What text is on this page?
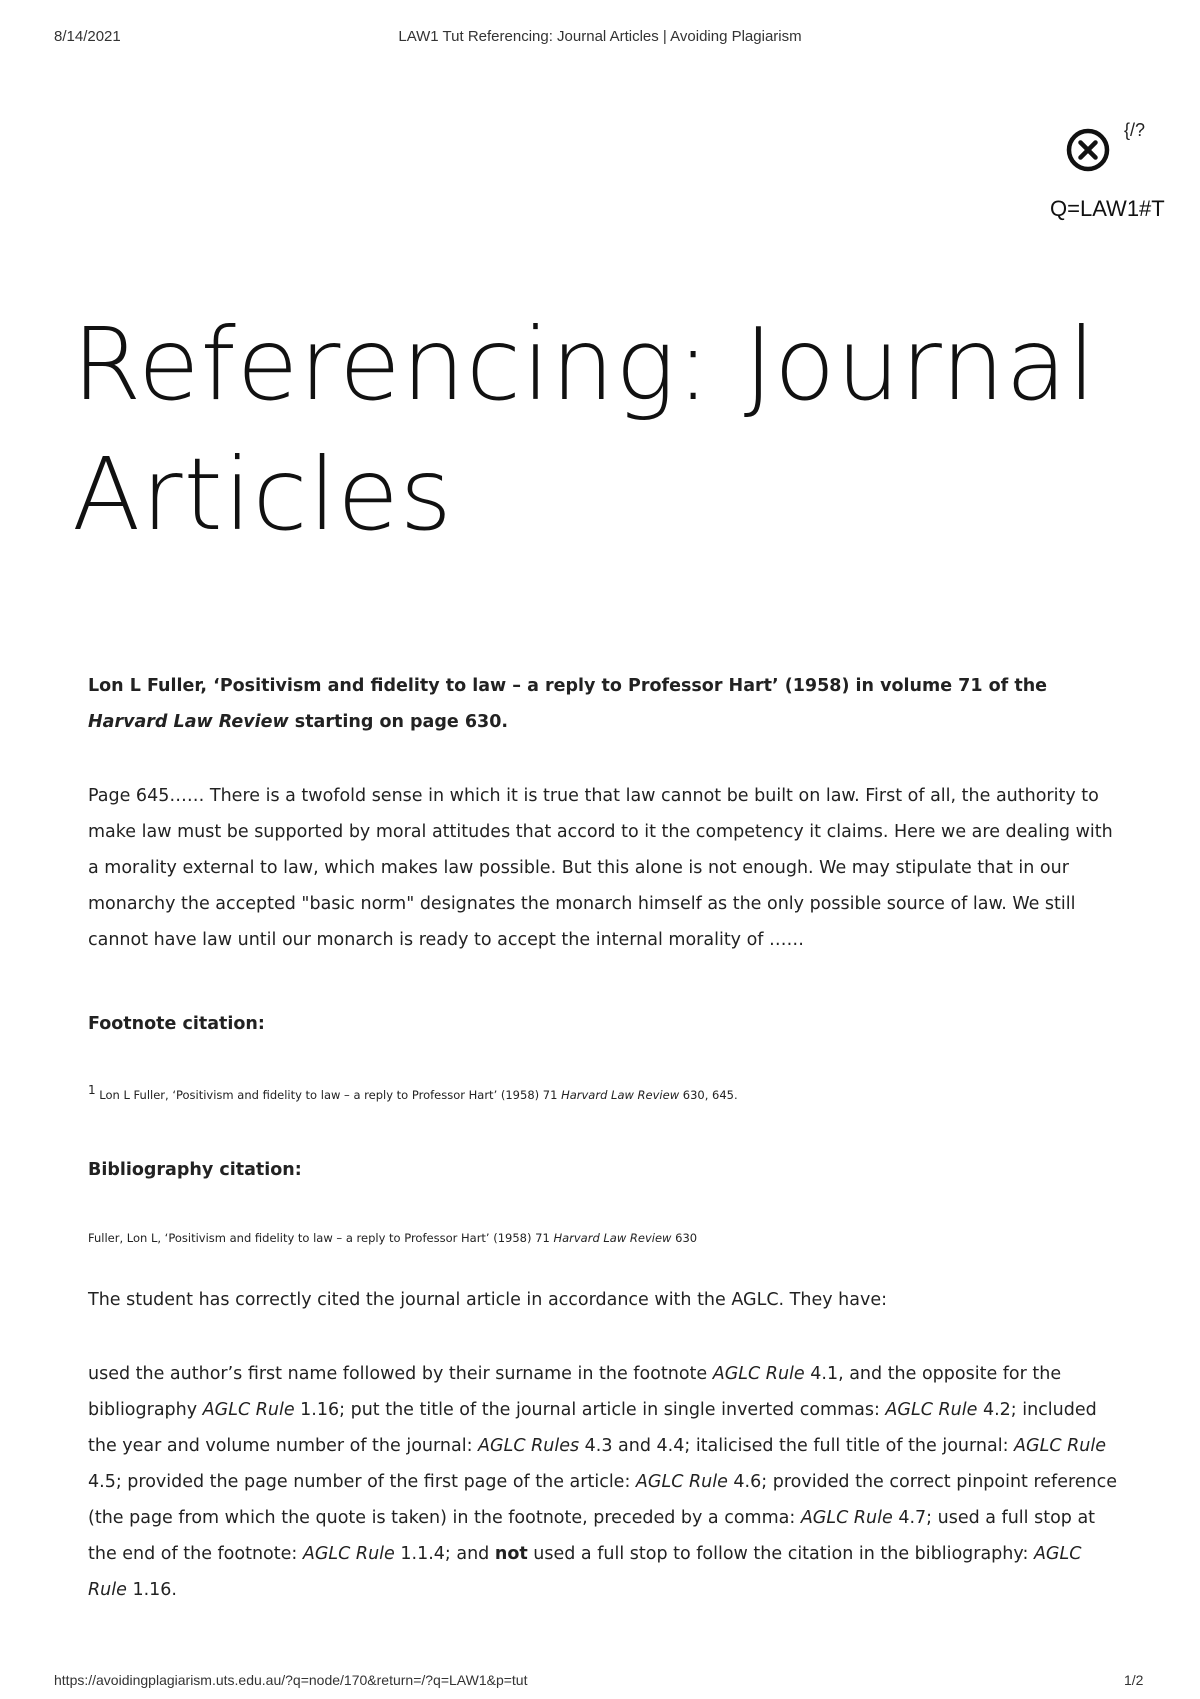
8/14/2021	LAW1 Tut Referencing: Journal Articles | Avoiding Plagiarism
{/?
Q=LAW1#T
Referencing: Journal Articles
Lon L Fuller, ‘Positivism and fidelity to law – a reply to Professor Hart’ (1958) in volume 71 of the Harvard Law Review starting on page 630.
Page 645…… There is a twofold sense in which it is true that law cannot be built on law. First of all, the authority to make law must be supported by moral attitudes that accord to it the competency it claims. Here we are dealing with a morality external to law, which makes law possible. But this alone is not enough. We may stipulate that in our monarchy the accepted "basic norm" designates the monarch himself as the only possible source of law. We still cannot have law until our monarch is ready to accept the internal morality of ……
Footnote citation:
$^1$ Lon L Fuller, ‘Positivism and fidelity to law – a reply to Professor Hart’ (1958) 71 Harvard Law Review 630, 645.
Bibliography citation:
Fuller, Lon L, ‘Positivism and fidelity to law – a reply to Professor Hart’ (1958) 71 Harvard Law Review 630
The student has correctly cited the journal article in accordance with the AGLC. They have:
used the author’s first name followed by their surname in the footnote AGLC Rule 4.1, and the opposite for the bibliography AGLC Rule 1.16; put the title of the journal article in single inverted commas: AGLC Rule 4.2; included the year and volume number of the journal: AGLC Rules 4.3 and 4.4; italicised the full title of the journal: AGLC Rule 4.5; provided the page number of the first page of the article: AGLC Rule 4.6; provided the correct pinpoint reference (the page from which the quote is taken) in the footnote, preceded by a comma: AGLC Rule 4.7; used a full stop at the end of the footnote: AGLC Rule 1.1.4; and not used a full stop to follow the citation in the bibliography: AGLC Rule 1.16.
https://avoidingplagiarism.uts.edu.au/?q=node/170&return=/?q=LAW1&p=tut	1/2
